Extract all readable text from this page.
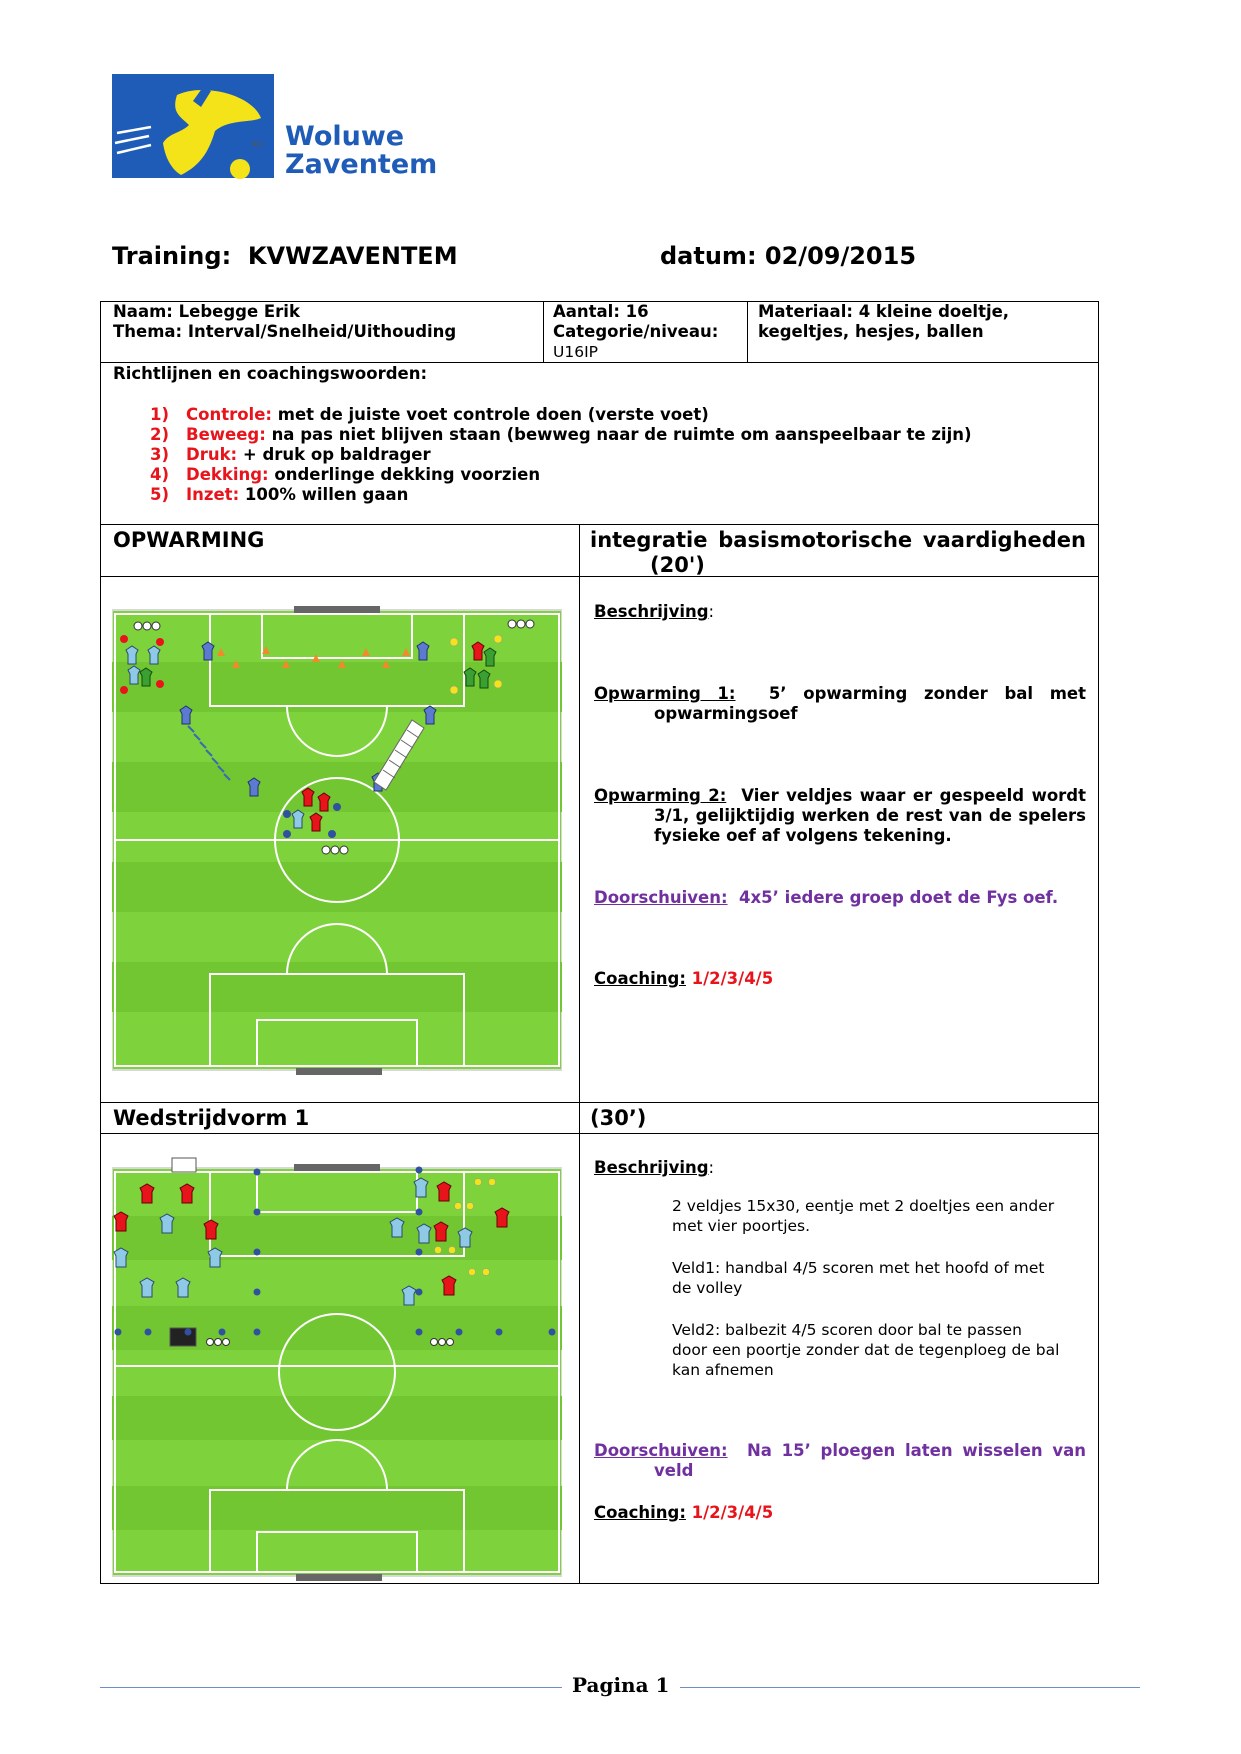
KV Woluwe
Zaventem
Training: KVWZAVENTEM	datum: 02/09/2015
Naam: Lebegge Erik
Thema: Interval/Snelheid/Uithouding
Aantal: 16
Categorie/niveau:
U16IP
Materiaal: 4 kleine doeltje,
kegeltjes, hesjes, ballen
Richtlijnen en coachingswoorden:
1) Controle: met de juiste voet controle doen (verste voet)
2) Beweeg: na pas niet blijven staan (bewweg naar de ruimte om aanspeelbaar te zijn)
3) Druk: + druk op baldrager
4) Dekking: onderlinge dekking voorzien
5) Inzet: 100% willen gaan
OPWARMING	integratie basismotorische vaardigheden
(20')
Beschrijving:
Opwarming 1: 5’ opwarming zonder bal met
opwarmingsoef
Opwarming 2: Vier veldjes waar er gespeeld wordt
3/1, gelijktijdig werken de rest van de spelers
fysieke oef af volgens tekening.
Doorschuiven: 4x5’ iedere groep doet de Fys oef.
Coaching: 1/2/3/4/5
Wedstrijdvorm 1	(30’)
Beschrijving:
2 veldjes 15x30, eentje met 2 doeltjes een ander
met vier poortjes.
Veld1: handbal 4/5 scoren met het hoofd of met
de volley
Veld2: balbezit 4/5 scoren door bal te passen
door een poortje zonder dat de tegenploeg de bal
kan afnemen
Doorschuiven: Na 15’ ploegen laten wisselen van
veld
Coaching: 1/2/3/4/5
Pagina 1
